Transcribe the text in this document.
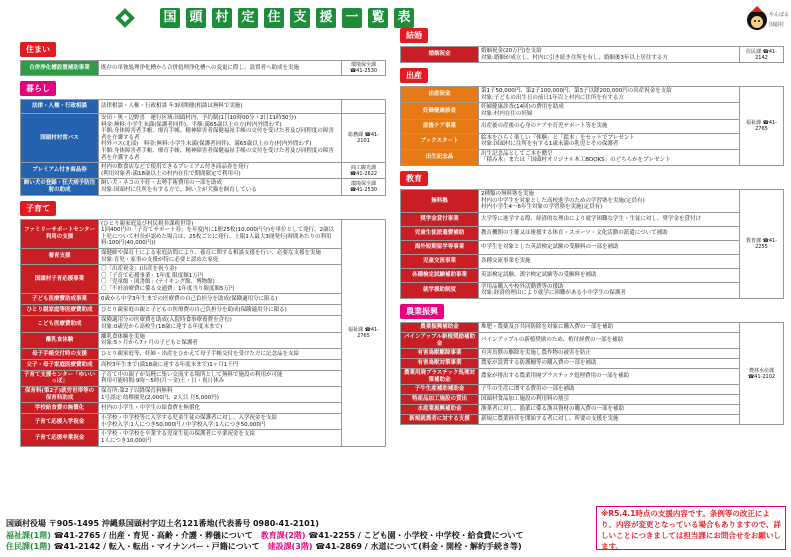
国 頭 村 定 住 支 援 一 覧 表	やんばる
国頭村
住まい
合併浄化槽設置補助事業	既存の単独処理浄化槽から合併処理浄化槽への変更に際し、設置者へ助成を実施	環境保全課 ☎41-2530
暮らし
法律・人権・行政相談	法律相談・人権・行政相談 年3回開催(相談は無料で実施)	
国頭村村営バス	安田・奥・辺野喜　運行区域:国頭村内、予約制(1日10時00分・2日11時30分)
料金:無料:小学生未満(保護者同伴)、半額:満65歳以上の方(村内外問わず)
半額:身体障害者手帳、療育手帳、精神障害者保健福祉手帳の交付を受けた者及び同程度の障害者を介護する者
村外バス(北部)　料金:無料:小学生未満(保護者同伴)、満65歳以上の方(村内外問わず)
半額:身体障害者手帳、療育手帳、精神障害者保健福祉手帳の交付を受けた者及び同程度の障害者を介護する者	総務課 ☎41-2101
プレミアム付き商品券	村内の飲食店などで使用できるプレミアム付き商品券を発行
(利用対象者:満18歳以上の村内在住で期間限定で利用可)	商工観光課 ☎41-2622
飼い犬の登録・狂犬病予防注射の助成	飼い犬・ネコの不妊・去勢手術費用の一部を助成
対象:国頭村に住所を有する方で、飼い主が犬猫を飼育している	環境保全課 ☎41-2530
子育て
ファミリーサポートセンター利用の支援	(ひとり親家庭及び村民税非課税世帯)
1回400円の「子育てサポート券」を年度内に1冊25枚(10,000円分)を単位として発行、2歳以上児について村長が認めた場合は、25枚ごとに発行、上限1人最大3冊発行(時間あたりの利用料:100円(40,000円))	福祉課 ☎41-2765
養育支援	保健師や保育士による家庭訪問により、養育に関する相談支援を行い、必要な支援を実施
対象:育児・家事の支援が特に必要と認めた家庭	
国頭村子育応援事業	〇「出産祝金」(出産を祝う金)
〇「子育て応援事業」1年度 限度額1万円
〇「児童館・図書館」(ナイキング館、博物館)
〇「不妊治療費に係る交通費」1年度当り限度額5万円	
子ども医療費助成事業	0歳から中学3年生までの医療費の自己負担分を助成(保険適用分に限る)	
ひとり親家庭等医療費助成	ひとり親家庭の親と子どもの医療費の自己負担分を助成(保険適用分に限る)	
こども医療費助成	保険適用分の医療費を助成(入院時食事療養費を含む)
対象:0歳児から高校生(18歳に達する年度末まで)	
離乳食体験	離乳食体験を実施
対象:5ヶ月から7ヶ月の子どもと保護者	
母子手帳交付時の支援	ひとり親家庭等、妊婦・出産をひかえて母子手帳交付を受けた方に記念品を支給	
父子・母子家庭医療費助成	高校3年生まで(満18歳に達する年度末まで)1ヶ月1千円	
子育て支援センター「ゆいいっぽ」	子育て中の親子が気軽に集い交流する場所として無料で施設の利用が可能
利用可能時間:9時～5時(月～金)土・日・祝日休み	
保育料(第2子)就労世帯等の保育料助成	保育所:第2子以降保育料無料
1号認定:幼稚園児(2,000円、2人目 月5,000円)	
学校給食費の無償化	村内の小学生・中学生の給食費を無償化	
子育て応援入学祝金	小学校・中学校等に入学する児童生徒の保護者に対し、入学祝金を支給
小学校入学:1人につき50,000円 / 中学校入学:1人につき50,000円	
子育て応援卒業祝金	小学校・中学校を卒業する児童生徒の保護者に卒業祝金を支給
1人につき10,000円	
結婚
婚姻祝金	婚姻祝金(20万円)を支給
対象:婚姻が成立し、村内に引き続き住所を有し、婚姻後3年以上居住する方	住民課 ☎41-2142
出産
出産祝金	第1子50,000円、第2子100,000円、第3子以降200,000円の出産祝金を支給
対象:子どもの出生日の前日1年以上村内に住所を有する方	福祉課 ☎41-2765
妊婦健康診査	妊婦健康診査(14回)の費用を助成
対象:村内在住の妊婦	
産後ケア事業	出産後の産後の心身のケアや育児サポート等を実施	
ブックスタート	絵本をひらく楽しい「体験」と「絵本」をセットでプレゼント
対象:国頭村に住所を有する1歳未満の乳児とその保護者	
出生記念品	出生記念品としてご本を贈呈
「積み木」または「国頭村オリジナル木工BOOKS」のどちらかをプレゼント	
教育
無料塾	2種類の無料塾を実施
村内の中学生を対象とした高校進学のための学習塾を実施(定員有)
村内小学生4～6年生対象の学習塾を実施(定員有)	教育課 ☎41-2255
奨学金貸付事業	大学等に進学する際、経済的な理由により就学困難な学生・生徒に対し、奨学金を貸付け	
児童生徒派遣費補助	教育機関の主催又は後援する体育・スポーツ・文化活動の派遣について補助	
海外短期留学等事業	中学生を対象とした英語検定試験の受験料の一部を補助	
児童交流事業	各種交流事業を実施	
各種検定試験補助事業	英語検定試験、漢字検定試験等の受験料を補助	
就学援助制度	学用品購入や校外活動費等の援助
対象:経済的理由により就学に困難がある小中学生の保護者	
農業振興
農業振興補助金	堆肥・農薬及び共同防除を対象に購入費の一部を補助	農林水産課 ☎41-2102
パインアップル新植奨励補助金	パインアップルの新植奨励のため、植付経費の一部を補助	
有害鳥獣駆除事業	有害鳥獣の駆除を実施し農作物の被害を防止	
有害鳥獣対策事業	農家が設置する防護柵等の購入費の一部を補助	
農業用廃プラスチック処理対策補助金	農家が排出する農業用廃プラスチック処理費用の一部を補助	
子牛生産補助補助金	子牛の生産に関する費用の一部を補助	
特産品加工施設の貸出	国頭村食品加工施設の利用料の割引	
水産業振興補助金	漁業者に対し、漁業に係る漁具資材の購入費の一部を補助	
新規就農者に対する支援	新規に農業経営を開始する者に対し、所要の支援を実施	
国頭村役場 〒905-1495 沖縄県国頭村字辺土名121番地(代表番号 0980-41-2101)
福祉課(1階) ☎41-2765 / 出産・育児・高齢・介護・葬儀について　 教育課(2階) ☎41-2255 / こども園・小学校・中学校・給食費について
住民課(1階) ☎41-2142 / 転入・転出・マイナンバー・戸籍について　 建設課(3階) ☎41-2869 / 水道について(料金・開栓・解約手続き等)
※R5.4.1時点の支援内容です。条例等の改正により、内容が変更となっている場合もありますので、詳しいことにつきましては担当課にお問合せをお願いします。
